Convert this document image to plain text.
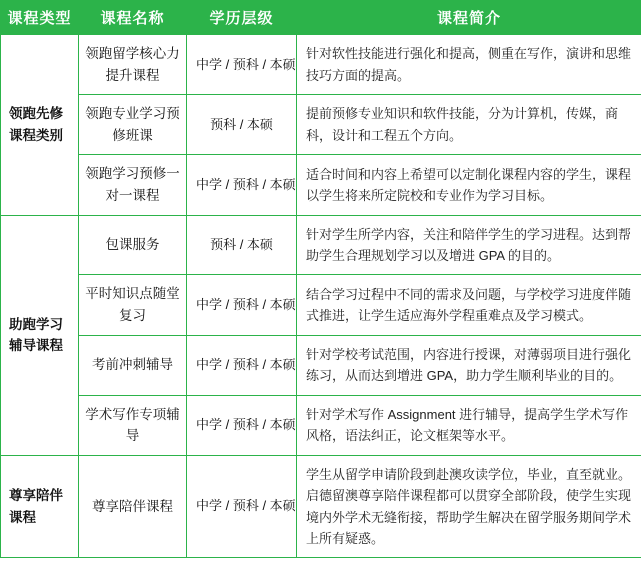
课程类型	课程名称	学历层级	课程简介
领跑先修课程类别	领跑留学核心力提升课程	中学 / 预科 / 本硕	针对软性技能进行强化和提高，侧重在写作，演讲和思维技巧方面的提高。
	领跑专业学习预修班课	预科 / 本硕	提前预修专业知识和软件技能，分为计算机，传媒，商科，设计和工程五个方向。
	领跑学习预修一对一课程	中学 / 预科 / 本硕	适合时间和内容上希望可以定制化课程内容的学生，课程以学生将来所定院校和专业作为学习目标。
助跑学习辅导课程	包课服务	预科 / 本硕	针对学生所学内容，关注和陪伴学生的学习进程。达到帮助学生合理规划学习以及增进 GPA 的目的。
	平时知识点随堂复习	中学 / 预科 / 本硕	结合学习过程中不同的需求及问题，与学校学习进度伴随式推进，让学生适应海外学程重难点及学习模式。
	考前冲刺辅导	中学 / 预科 / 本硕	针对学校考试范围，内容进行授课，对薄弱项目进行强化练习，从而达到增进 GPA，助力学生顺利毕业的目的。
	学术写作专项辅导	中学 / 预科 / 本硕	针对学术写作 Assignment 进行辅导，提高学生学术写作风格，语法纠正，论文框架等水平。
尊享陪伴课程	尊享陪伴课程	中学 / 预科 / 本硕	学生从留学申请阶段到赴澳攻读学位，毕业，直至就业。启德留澳尊享陪伴课程都可以贯穿全部阶段，使学生实现境内外学术无缝衔接，帮助学生解决在留学服务期间学术上所有疑惑。
